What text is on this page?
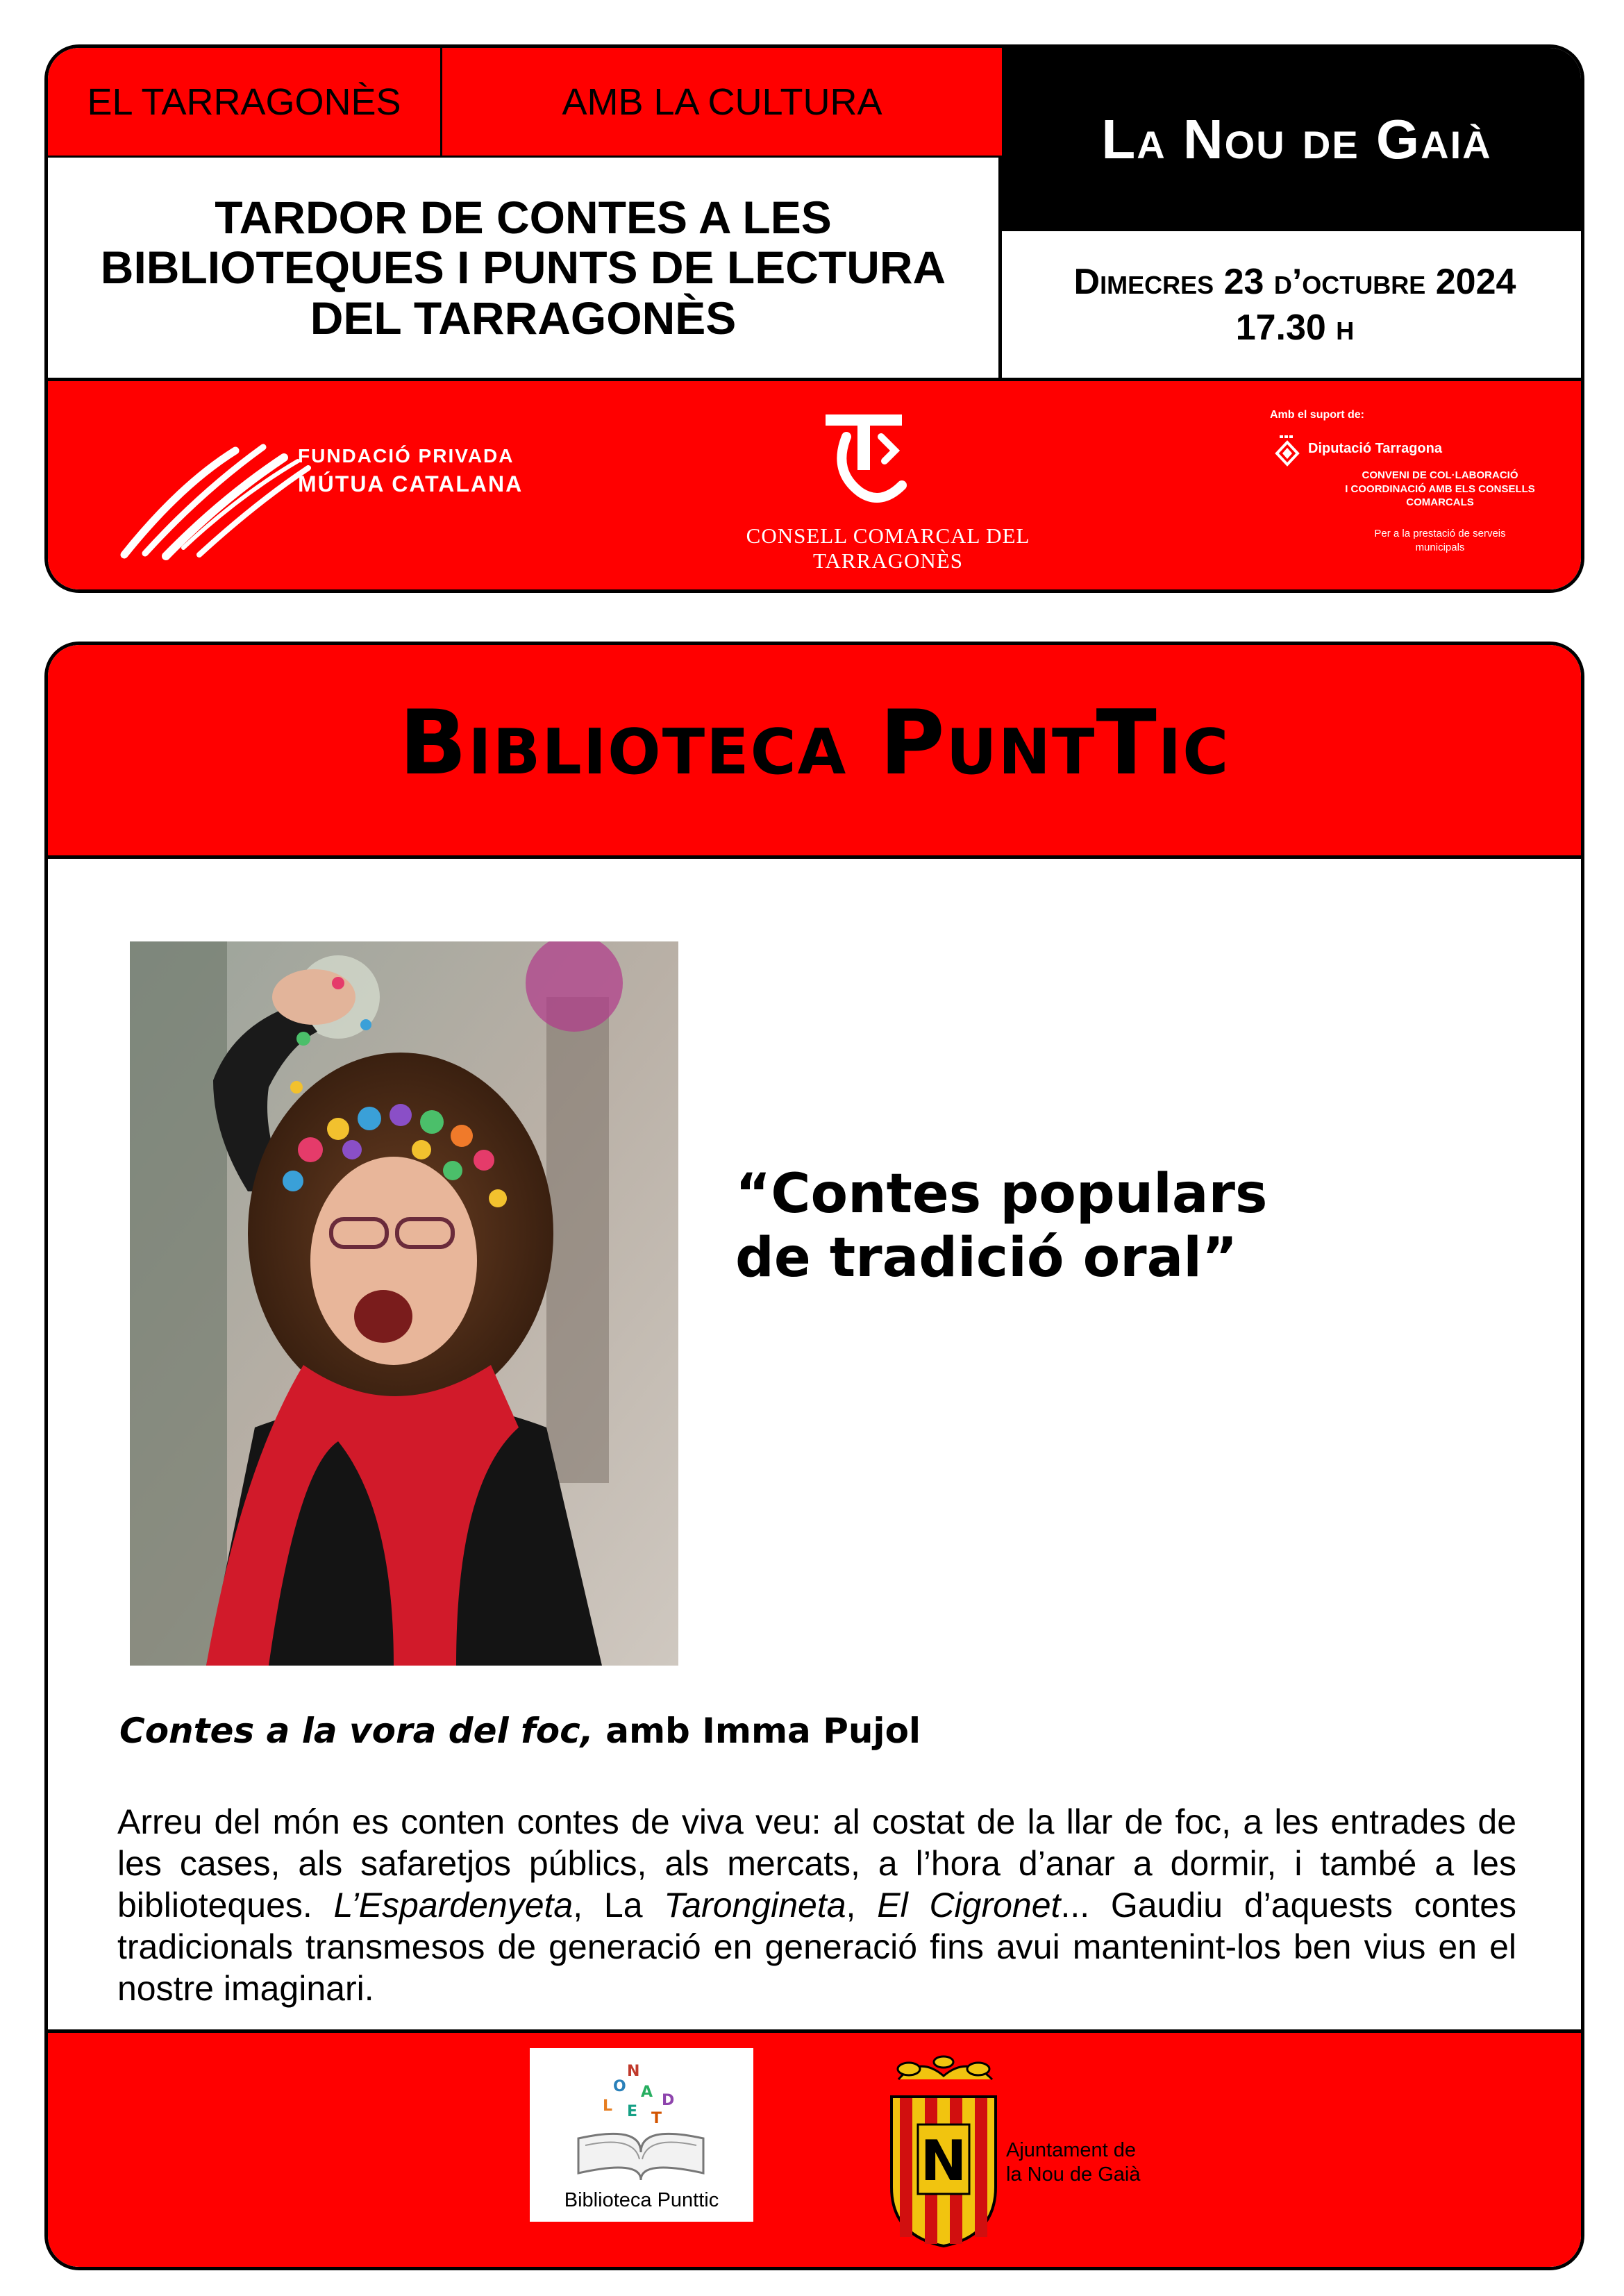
EL TARRAGONÈS	AMB LA CULTURA
La Nou de Gaià
TARDOR DE CONTES A LES
BIBLIOTEQUES I PUNTS DE LECTURA
DEL TARRAGONÈS
Dimecres 23 d’octubre 2024
17.30 h
FUNDACIÓ PRIVADA
MÚTUA CATALANA
CONSELL COMARCAL DEL TARRAGONÈS
Amb el suport de:
Diputació Tarragona
CONVENI DE COL·LABORACIÓ
I COORDINACIÓ AMB ELS CONSELLS
COMARCALS
Per a la prestació de serveis
municipals
Biblioteca PuntTic
“Contes populars
de tradició oral”
Contes a la vora del foc, amb Imma Pujol

Arreu del món es conten contes de viva veu: al costat de la llar de foc, a les entrades de les cases, als safaretjos públics, als mercats, a l’hora d’anar a dormir, i també a les biblioteques. L’Espardenyeta, La Tarongineta, El Cigronet... Gaudiu d’aquests contes tradicionals transmesos de generació en generació fins avui mantenint-los ben vius en el nostre imaginari.

N
O A D
L E T
Biblioteca Punttic
N Ajuntament de
la Nou de Gaià
